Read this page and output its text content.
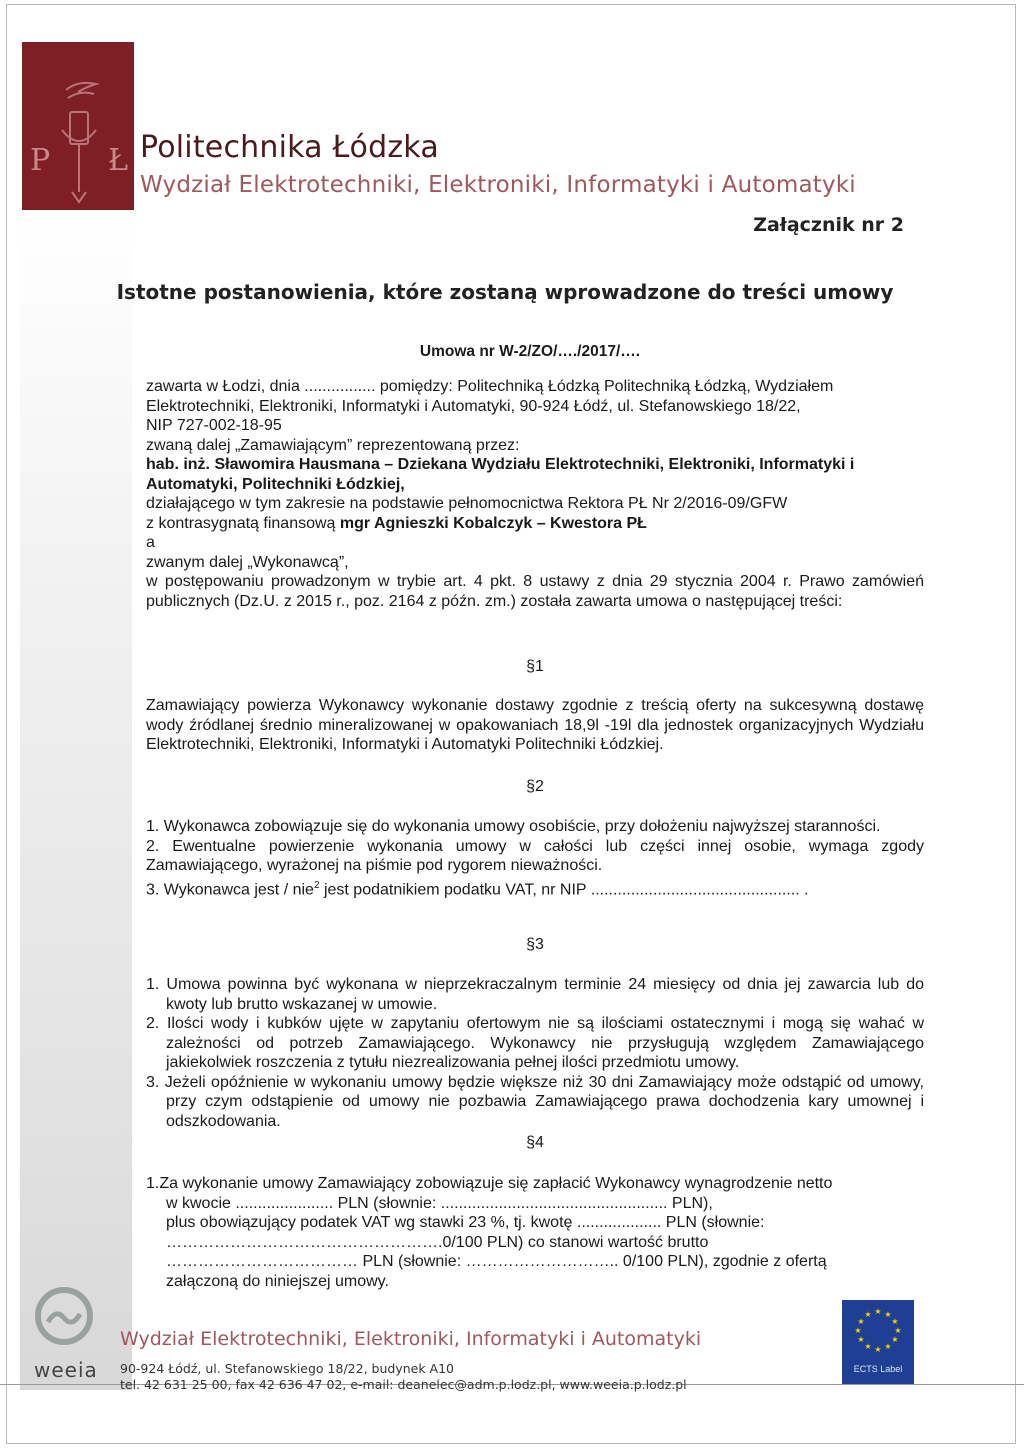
P Ł Politechnika Łódzka
Wydział Elektrotechniki, Elektroniki, Informatyki i Automatyki
Załącznik nr 2
Istotne postanowienia, które zostaną wprowadzone do treści umowy
Umowa nr W-2/ZO/…./2017/….

zawarta w Łodzi, dnia ................ pomiędzy: Politechniką Łódzką Politechniką Łódzką, Wydziałem Elektrotechniki, Elektroniki, Informatyki i Automatyki, 90-924 Łódź, ul. Stefanowskiego 18/22,

NIP 727-002-18-95

zwaną dalej „Zamawiającym” reprezentowaną przez:

hab. inż. Sławomira Hausmana – Dziekana Wydziału Elektrotechniki, Elektroniki, Informatyki i Automatyki, Politechniki Łódzkiej,

działającego w tym zakresie na podstawie pełnomocnictwa Rektora PŁ Nr 2/2016-09/GFW

z kontrasygnatą finansową mgr Agnieszki Kobalczyk – Kwestora PŁ

a

zwanym dalej „Wykonawcą”,

w postępowaniu prowadzonym w trybie art. 4 pkt. 8 ustawy z dnia 29 stycznia 2004 r. Prawo zamówień publicznych (Dz.U. z 2015 r., poz. 2164 z późn. zm.) została zawarta umowa o następującej treści:

§1
Zamawiający powierza Wykonawcy wykonanie dostawy zgodnie z treścią oferty na sukcesywną dostawę wody źródlanej średnio mineralizowanej w opakowaniach 18,9l -19l dla jednostek organizacyjnych Wydziału Elektrotechniki, Elektroniki, Informatyki i Automatyki Politechniki Łódzkiej.
§2

1. Wykonawca zobowiązuje się do wykonania umowy osobiście, przy dołożeniu najwyższej staranności.

2. Ewentualne powierzenie wykonania umowy w całości lub części innej osobie, wymaga zgody Zamawiającego, wyrażonej na piśmie pod rygorem nieważności.

3. Wykonawca jest / nie$^2$ jest podatnikiem podatku VAT, nr NIP ............................................... .

§3

1. Umowa powinna być wykonana w nieprzekraczalnym terminie 24 miesięcy od dnia jej zawarcia lub do kwoty lub brutto wskazanej w umowie.

2. Ilości wody i kubków ujęte w zapytaniu ofertowym nie są ilościami ostatecznymi i mogą się wahać w zależności od potrzeb Zamawiającego. Wykonawcy nie przysługują względem Zamawiającego jakiekolwiek roszczenia z tytułu niezrealizowania pełnej ilości przedmiotu umowy.

3. Jeżeli opóźnienie w wykonaniu umowy będzie większe niż 30 dni Zamawiający może odstąpić od umowy, przy czym odstąpienie od umowy nie pozbawia Zamawiającego prawa dochodzenia kary umownej i odszkodowania.

§4

1.Za wykonanie umowy Zamawiający zobowiązuje się zapłacić Wykonawcy wynagrodzenie netto

w kwocie ...................... PLN (słownie: ................................................... PLN),

plus obowiązujący podatek VAT wg stawki 23 %, tj. kwotę ................... PLN (słownie:

…………………………………………….0/100 PLN) co stanowi wartość brutto

……………………………… PLN (słownie: ……………………….. 0/100 PLN), zgodnie z ofertą

załączoną do niniejszej umowy.

weeia
Wydział Elektrotechniki, Elektroniki, Informatyki i Automatyki
90-924 Łódź, ul. Stefanowskiego 18/22, budynek A10
tel. 42 631 25 00, fax 42 636 47 02, e-mail: deanelec@adm.p.lodz.pl, www.weeia.p.lodz.pl
★ ★
★
★
★
★
★
★
★
★
★
★
ECTS Label
